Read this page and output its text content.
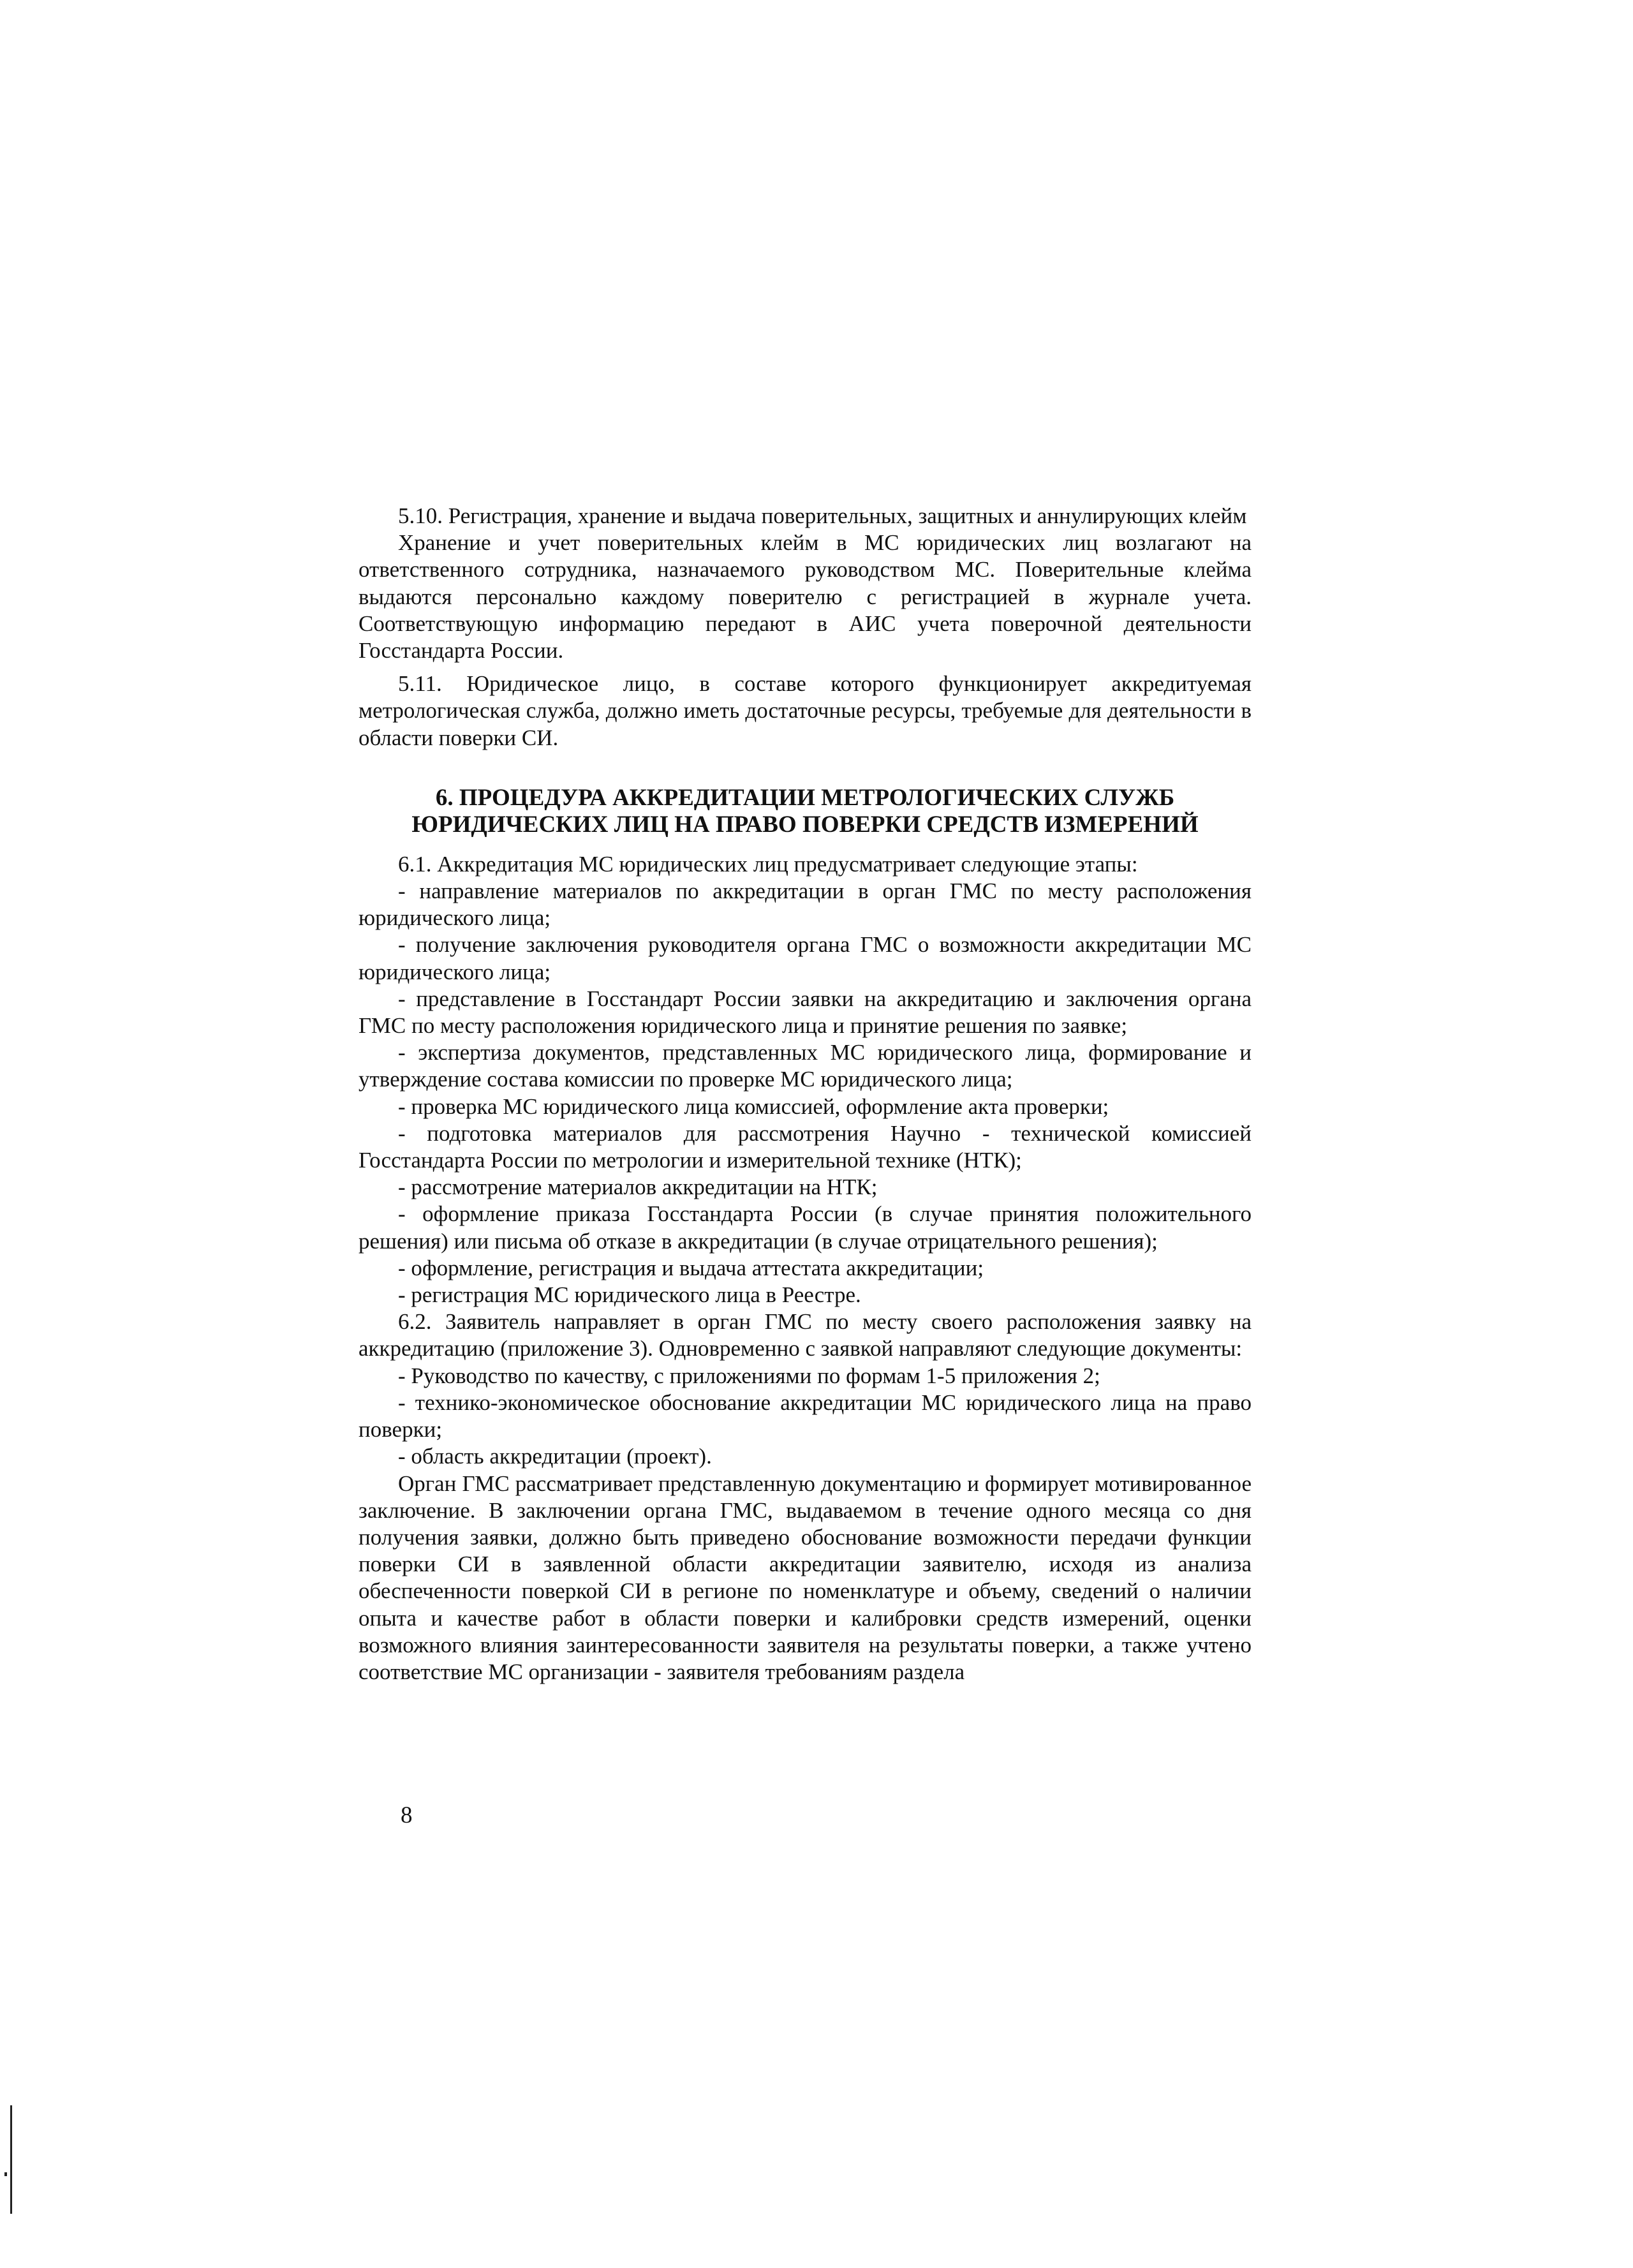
5.10. Регистрация, хранение и выдача поверительных, защитных и аннулирующих клейм

Хранение и учет поверительных клейм в МС юридических лиц возлагают на ответственного сотрудника, назначаемого руководством МС. Поверительные клейма выдаются персонально каждому поверителю с регистрацией в журнале учета. Соответствующую информацию передают в АИС учета поверочной деятельности Госстандарта России.

5.11. Юридическое лицо, в составе которого функционирует аккредитуемая метрологическая служба, должно иметь достаточные ресурсы, требуемые для деятельности в области поверки СИ.

6. ПРОЦЕДУРА АККРЕДИТАЦИИ МЕТРОЛОГИЧЕСКИХ СЛУЖБ
ЮРИДИЧЕСКИХ ЛИЦ НА ПРАВО ПОВЕРКИ СРЕДСТВ ИЗМЕРЕНИЙ

6.1. Аккредитация МС юридических лиц предусматривает следующие этапы:

- направление материалов по аккредитации в орган ГМС по месту расположения юридического лица;

- получение заключения руководителя органа ГМС о возможности аккредитации МС юридического лица;

- представление в Госстандарт России заявки на аккредитацию и заключения органа ГМС по месту расположения юридического лица и принятие решения по заявке;

- экспертиза документов, представленных МС юридического лица, формирование и утверждение состава комиссии по проверке МС юридического лица;

- проверка МС юридического лица комиссией, оформление акта проверки;

- подготовка материалов для рассмотрения Научно - технической комиссией Госстандарта России по метрологии и измерительной технике (НТК);

- рассмотрение материалов аккредитации на НТК;

- оформление приказа Госстандарта России (в случае принятия положительного решения) или письма об отказе в аккредитации (в случае отрицательного решения);

- оформление, регистрация и выдача аттестата аккредитации;

- регистрация МС юридического лица в Реестре.

6.2. Заявитель направляет в орган ГМС по месту своего расположения заявку на аккредитацию (приложение 3). Одновременно с заявкой направляют следующие документы:

- Руководство по качеству, с приложениями по формам 1-5 приложения 2;

- технико-экономическое обоснование аккредитации МС юридического лица на право поверки;

- область аккредитации (проект).

Орган ГМС рассматривает представленную документацию и формирует мотивированное заключение. В заключении органа ГМС, выдаваемом в течение одного месяца со дня получения заявки, должно быть приведено обоснование возможности передачи функции поверки СИ в заявленной области аккредитации заявителю, исходя из анализа обеспеченности поверкой СИ в регионе по номенклатуре и объему, сведений о наличии опыта и качестве работ в области поверки и калибровки средств измерений, оценки возможного влияния заинтересованности заявителя на результаты поверки, а также учтено соответствие МС организации - заявителя требованиям раздела

8
